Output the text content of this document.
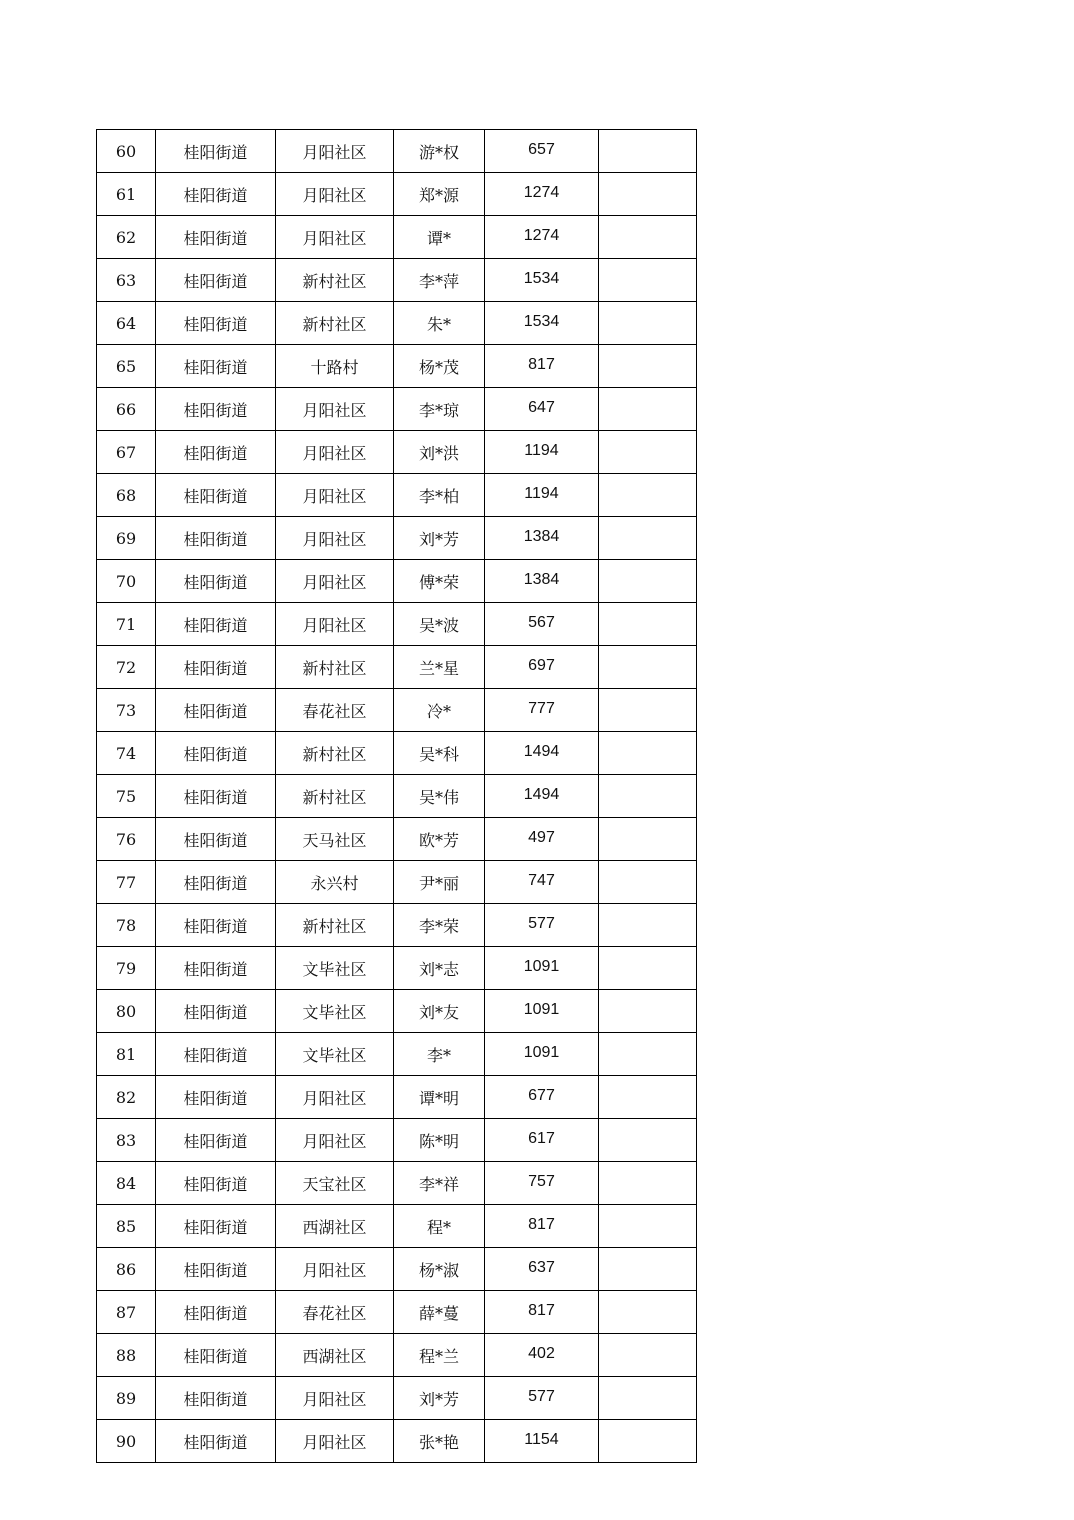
60	桂阳街道	月阳社区	游*权	657	
61	桂阳街道	月阳社区	郑*源	1274	
62	桂阳街道	月阳社区	谭*	1274	
63	桂阳街道	新村社区	李*萍	1534	
64	桂阳街道	新村社区	朱*	1534	
65	桂阳街道	十路村	杨*茂	817	
66	桂阳街道	月阳社区	李*琼	647	
67	桂阳街道	月阳社区	刘*洪	1194	
68	桂阳街道	月阳社区	李*柏	1194	
69	桂阳街道	月阳社区	刘*芳	1384	
70	桂阳街道	月阳社区	傅*荣	1384	
71	桂阳街道	月阳社区	吴*波	567	
72	桂阳街道	新村社区	兰*星	697	
73	桂阳街道	春花社区	冷*	777	
74	桂阳街道	新村社区	吴*科	1494	
75	桂阳街道	新村社区	吴*伟	1494	
76	桂阳街道	天马社区	欧*芳	497	
77	桂阳街道	永兴村	尹*丽	747	
78	桂阳街道	新村社区	李*荣	577	
79	桂阳街道	文毕社区	刘*志	1091	
80	桂阳街道	文毕社区	刘*友	1091	
81	桂阳街道	文毕社区	李*	1091	
82	桂阳街道	月阳社区	谭*明	677	
83	桂阳街道	月阳社区	陈*明	617	
84	桂阳街道	天宝社区	李*祥	757	
85	桂阳街道	西湖社区	程*	817	
86	桂阳街道	月阳社区	杨*淑	637	
87	桂阳街道	春花社区	薛*蔓	817	
88	桂阳街道	西湖社区	程*兰	402	
89	桂阳街道	月阳社区	刘*芳	577	
90	桂阳街道	月阳社区	张*艳	1154	
